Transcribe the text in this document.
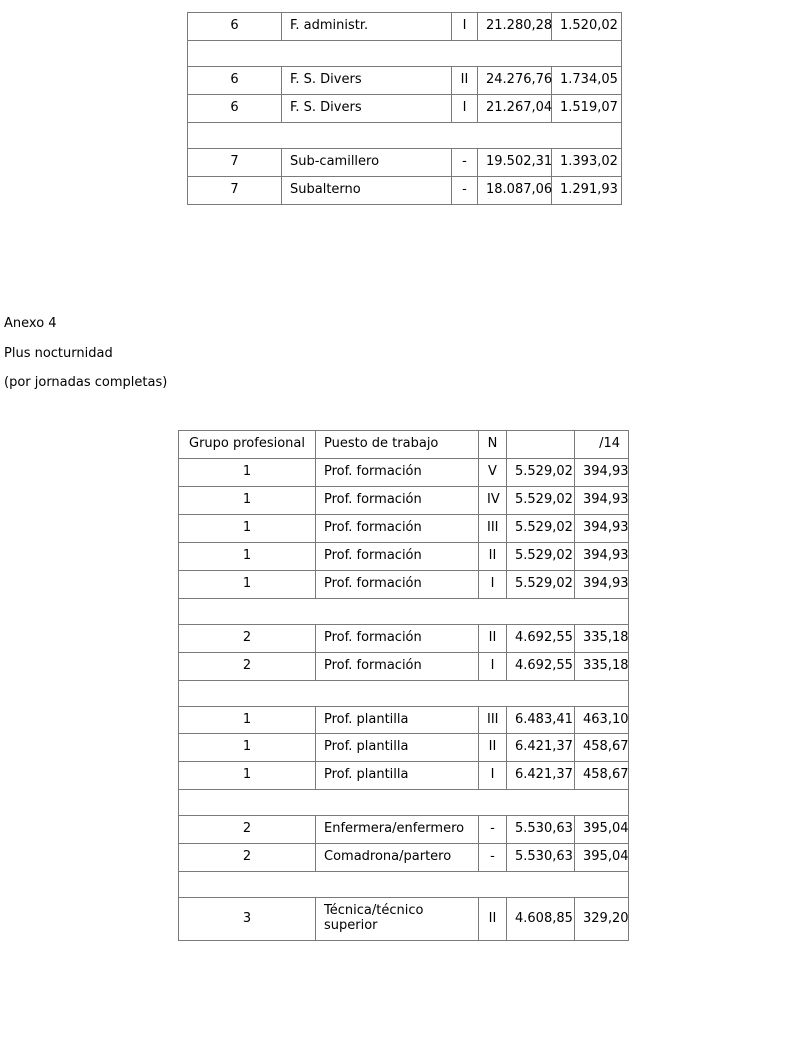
6	F. administr.	I	21.280,28	1.520,02

6	F. S. Divers	II	24.276,76	1.734,05
6	F. S. Divers	I	21.267,04	1.519,07

7	Sub-camillero	-	19.502,31	1.393,02
7	Subalterno	-	18.087,06	1.291,93

Anexo 4

Plus nocturnidad

(por jornadas completas)

Grupo profesional	Puesto de trabajo	N		/14
1	Prof. formación	V	5.529,02	394,93
1	Prof. formación	IV	5.529,02	394,93
1	Prof. formación	III	5.529,02	394,93
1	Prof. formación	II	5.529,02	394,93
1	Prof. formación	I	5.529,02	394,93

2	Prof. formación	II	4.692,55	335,18
2	Prof. formación	I	4.692,55	335,18

1	Prof. plantilla	III	6.483,41	463,10
1	Prof. plantilla	II	6.421,37	458,67
1	Prof. plantilla	I	6.421,37	458,67

2	Enfermera/enfermero	-	5.530,63	395,04
2	Comadrona/partero	-	5.530,63	395,04

3	Técnica/técnico superior	II	4.608,85	329,20
